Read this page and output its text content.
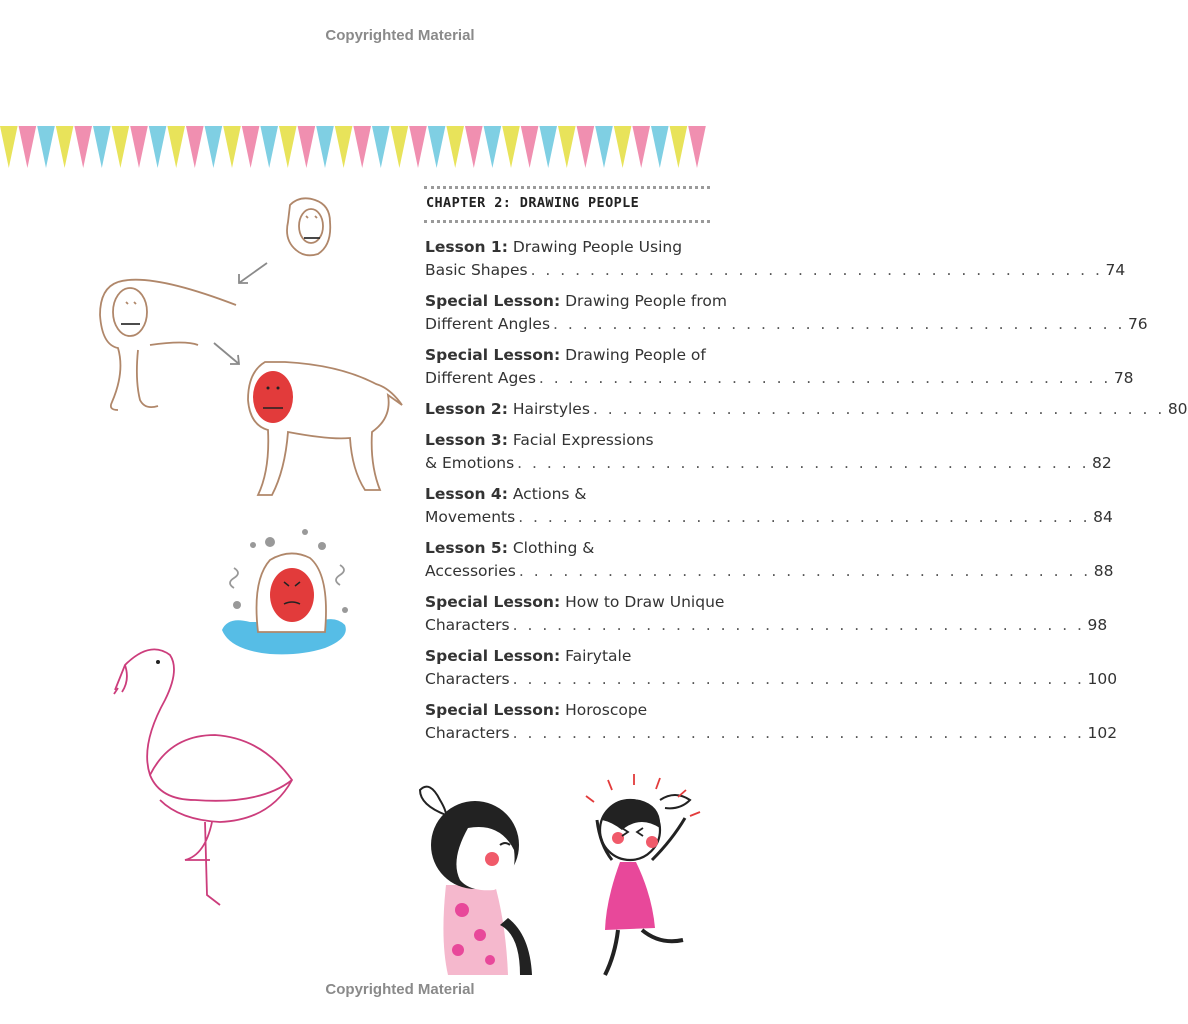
Copyrighted Material
Copyrighted Material
CHAPTER 2: DRAWING PEOPLE
Lesson 1: Drawing People Using
Basic Shapes . . . . . . . . . . . . . . . . . . . . . . . . . . . . . . . . . . . . . . . 74
Special Lesson: Drawing People from
Different Angles . . . . . . . . . . . . . . . . . . . . . . . . . . . . . . . . . . . . . . . 76
Special Lesson: Drawing People of
Different Ages . . . . . . . . . . . . . . . . . . . . . . . . . . . . . . . . . . . . . . . 78
Lesson 2: Hairstyles . . . . . . . . . . . . . . . . . . . . . . . . . . . . . . . . . . . . . . . 80
Lesson 3: Facial Expressions
& Emotions . . . . . . . . . . . . . . . . . . . . . . . . . . . . . . . . . . . . . . . 82
Lesson 4: Actions &
Movements . . . . . . . . . . . . . . . . . . . . . . . . . . . . . . . . . . . . . . . 84
Lesson 5: Clothing &
Accessories . . . . . . . . . . . . . . . . . . . . . . . . . . . . . . . . . . . . . . . 88
Special Lesson: How to Draw Unique
Characters . . . . . . . . . . . . . . . . . . . . . . . . . . . . . . . . . . . . . . . 98
Special Lesson: Fairytale
Characters . . . . . . . . . . . . . . . . . . . . . . . . . . . . . . . . . . . . . . . 100
Special Lesson: Horoscope
Characters . . . . . . . . . . . . . . . . . . . . . . . . . . . . . . . . . . . . . . . 102
